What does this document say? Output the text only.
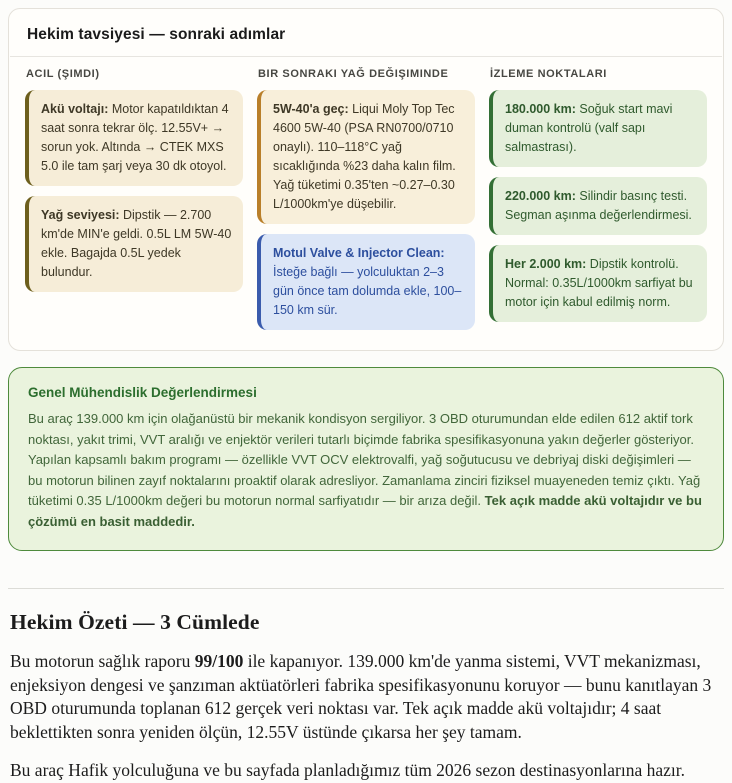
Hekim tavsiyesi — sonraki adımlar
ACIL (ŞIMDI)
Akü voltajı: Motor kapatıldıktan 4 saat sonra tekrar ölç. 12.55V+ → sorun yok. Altında → CTEK MXS 5.0 ile tam şarj veya 30 dk otoyol.
Yağ seviyesi: Dipstik — 2.700 km'de MIN'e geldi. 0.5L LM 5W-40 ekle. Bagajda 0.5L yedek bulundur.
BIR SONRAKI YAĞ DEĞIŞIMINDE
5W-40'a geç: Liqui Moly Top Tec 4600 5W-40 (PSA RN0700/0710 onaylı). 110–118°C yağ sıcaklığında %23 daha kalın film. Yağ tüketimi 0.35'ten ~0.27–0.30 L/1000km'ye düşebilir.
Motul Valve & Injector Clean: İsteğe bağlı — yolculuktan 2–3 gün önce tam dolumda ekle, 100–150 km sür.
İZLEME NOKTALARI
180.000 km: Soğuk start mavi duman kontrolü (valf sapı salmastrası).
220.000 km: Silindir basınç testi. Segman aşınma değerlendirmesi.
Her 2.000 km: Dipstik kontrolü. Normal: 0.35L/1000km sarfiyat bu motor için kabul edilmiş norm.
Genel Mühendislik Değerlendirmesi

Bu araç 139.000 km için olağanüstü bir mekanik kondisyon sergiliyor. 3 OBD oturumundan elde edilen 612 aktif tork noktası, yakıt trimi, VVT aralığı ve enjektör verileri tutarlı biçimde fabrika spesifikasyonuna yakın değerler gösteriyor. Yapılan kapsamlı bakım programı — özellikle VVT OCV elektrovalfi, yağ soğutucusu ve debriyaj diski değişimleri — bu motorun bilinen zayıf noktalarını proaktif olarak adresliyor. Zamanlama zinciri fiziksel muayeneden temiz çıktı. Yağ tüketimi 0.35 L/1000km değeri bu motorun normal sarfiyatıdır — bir arıza değil. Tek açık madde akü voltajıdır ve bu çözümü en basit maddedir.

Hekim Özeti — 3 Cümlede

Bu motorun sağlık raporu 99/100 ile kapanıyor. 139.000 km'de yanma sistemi, VVT mekanizması, enjeksiyon dengesi ve şanzıman aktüatörleri fabrika spesifikasyonunu koruyor — bunu kanıtlayan 3 OBD oturumunda toplanan 612 gerçek veri noktası var. Tek açık madde akü voltajıdır; 4 saat beklettikten sonra yeniden ölçün, 12.55V üstünde çıkarsa her şey tamam.

Bu araç Hafik yolculuğuna ve bu sayfada planladığımız tüm 2026 sezon destinasyonlarına hazır.
